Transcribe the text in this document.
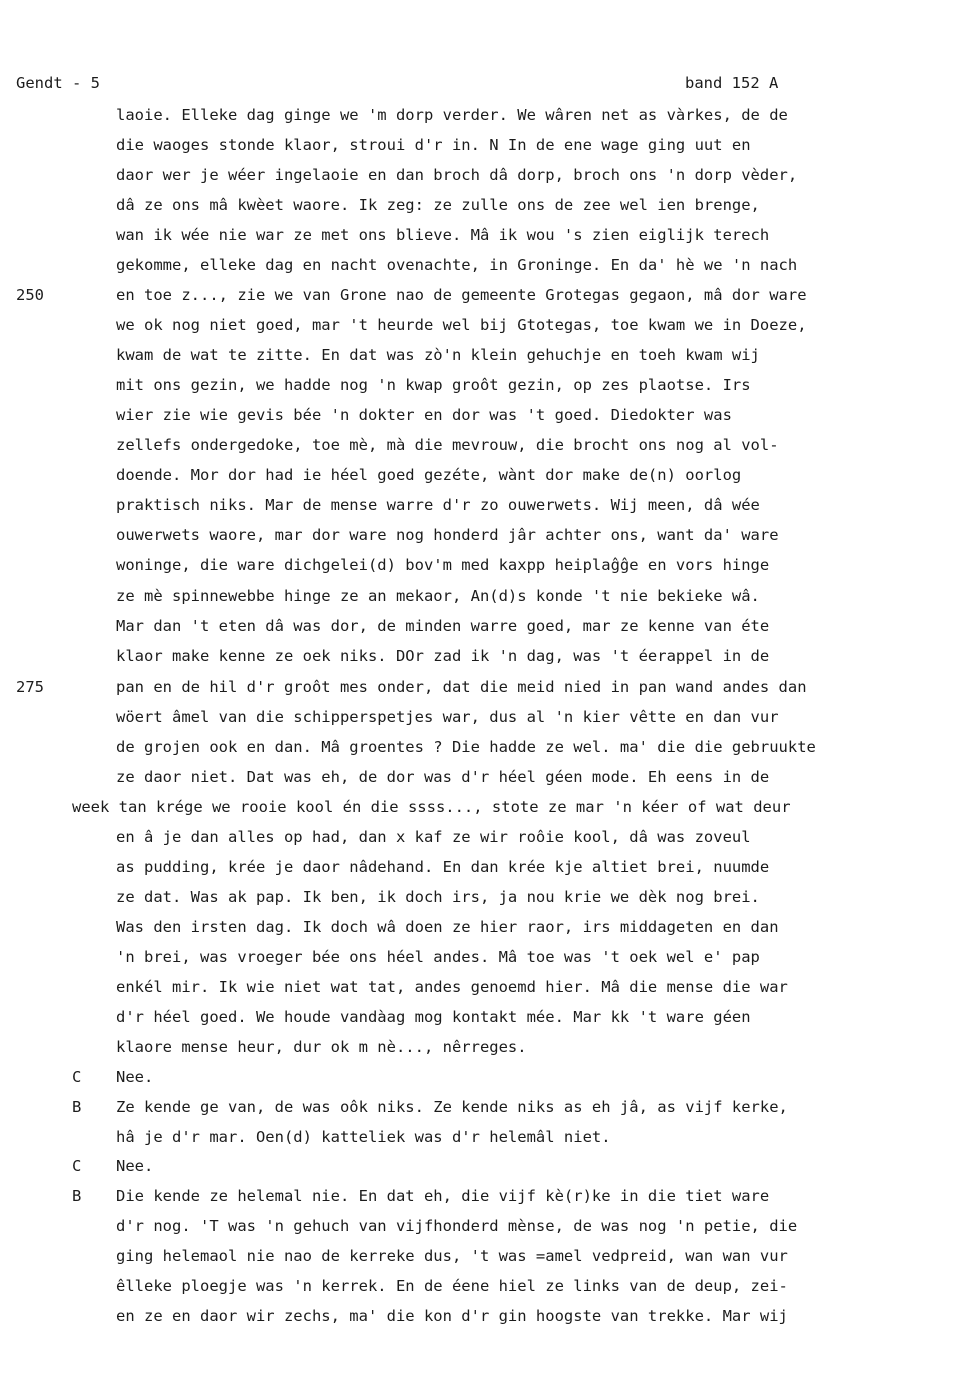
Gendt - 5	band 152 A
250
275
laoie. Elleke dag ginge we 'm dorp verder. We wâren net as vàrkes, de de
die waoges stonde klaor, stroui d'r in. N In de ene wage ging uut en
daor wer je wéer ingelaoie en dan broch dâ dorp, broch ons 'n dorp vèder,
dâ ze ons mâ kwèet waore. Ik zeg: ze zulle ons de zee wel ien brenge,
wan ik wée nie war ze met ons blieve. Mâ ik wou 's zien eiglijk terech
gekomme, elleke dag en nacht ovenachte, in Groninge. En da' hè we 'n nach
en toe z..., zie we van Grone nao de gemeente Grotegas gegaon, mâ dor ware
we ok nog niet goed, mar 't heurde wel bij Gtotegas, toe kwam we in Doeze,
kwam de wat te zitte. En dat was zò'n klein gehuchje en toeh kwam wij
mit ons gezin, we hadde nog 'n kwap groôt gezin, op zes plaotse. Irs
wier zie wie gevis bée 'n dokter en dor was 't goed. Diedokter was
zellefs ondergedoke, toe mè, mà die mevrouw, die brocht ons nog al vol-
doende. Mor dor had ie héel goed gezéte, wànt dor make de(n) oorlog
praktisch niks. Mar de mense warre d'r zo ouwerwets. Wij meen, dâ wée
ouwerwets waore, mar dor ware nog honderd jâr achter ons, want da' ware
woninge, die ware dichgelei(d) bov'm med kaxpp heiplaĝĝe en vors hinge
ze mè spinnewebbe hinge ze an mekaor, An(d)s konde 't nie bekieke wâ.
Mar dan 't eten dâ was dor, de minden warre goed, mar ze kenne van éte
klaor make kenne ze oek niks. DOr zad ik 'n dag, was 't éerappel in de
pan en de hil d'r groôt mes onder, dat die meid nied in pan wand andes dan
wöert âmel van die schipperspetjes war, dus al 'n kier vêtte en dan vur
de grojen ook en dan. Mâ groentes ? Die hadde ze wel. ma' die die gebruukte
ze daor niet. Dat was eh, de dor was d'r héel géen mode. Eh eens in de
week tan krége we rooie kool én die ssss..., stote ze mar 'n kéer of wat deur
en â je dan alles op had, dan x kaf ze wir roôie kool, dâ was zoveul
as pudding, krée je daor nâdehand. En dan krée kje altiet brei, nuumde
ze dat. Was ak pap. Ik ben, ik doch irs, ja nou krie we dèk nog brei.
Was den irsten dag. Ik doch wâ doen ze hier raor, irs middageten en dan
'n brei, was vroeger bée ons héel andes. Mâ toe was 't oek wel e' pap
enkél mir. Ik wie niet wat tat, andes genoemd hier. Mâ die mense die war
d'r héel goed. We houde vandàag mog kontakt mée. Mar kk 't ware géen
klaore mense heur, dur ok m nè..., nêrreges.
C Nee.
B Ze kende ge van, de was oôk niks. Ze kende niks as eh jâ, as vijf kerke,
hâ je d'r mar. Oen(d) katteliek was d'r helemâl niet.
C Nee.
B Die kende ze helemal nie. En dat eh, die vijf kè(r)ke in die tiet ware
d'r nog. 'T was 'n gehuch van vijfhonderd mènse, de was nog 'n petie, die
ging helemaol nie nao de kerreke dus, 't was =amel vedpreid, wan wan vur
êlleke ploegje was 'n kerrek. En de éene hiel ze links van de deup, zei-
en ze en daor wir zechs, ma' die kon d'r gin hoogste van trekke. Mar wij
